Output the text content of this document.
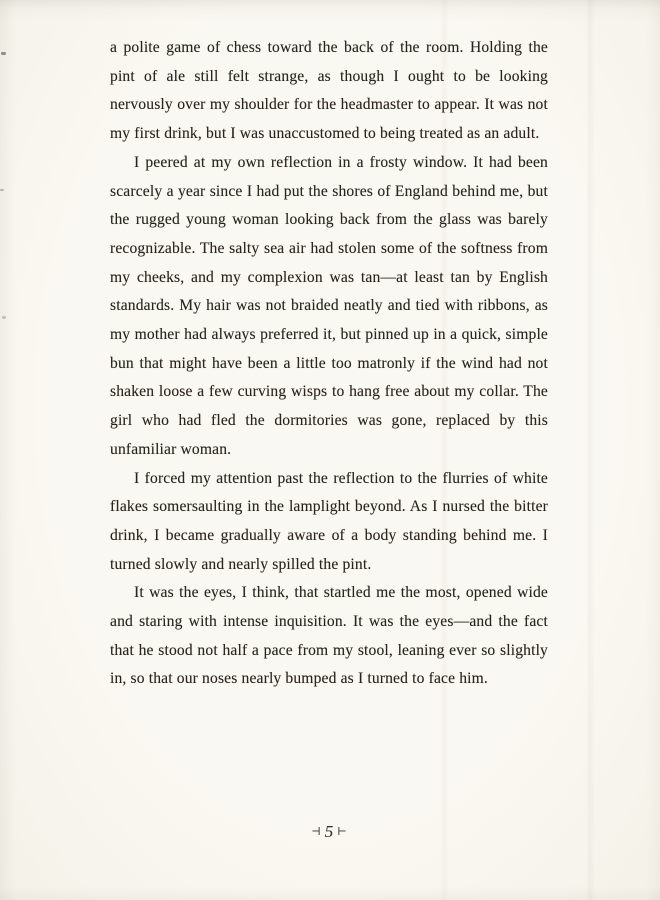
a polite game of chess toward the back of the room. Holding the pint of ale still felt strange, as though I ought to be looking nervously over my shoulder for the headmaster to appear. It was not my first drink, but I was unaccustomed to being treated as an adult.

I peered at my own reflection in a frosty window. It had been scarcely a year since I had put the shores of England behind me, but the rugged young woman looking back from the glass was barely recognizable. The salty sea air had stolen some of the softness from my cheeks, and my complexion was tan—at least tan by English standards. My hair was not braided neatly and tied with ribbons, as my mother had always preferred it, but pinned up in a quick, simple bun that might have been a little too matronly if the wind had not shaken loose a few curving wisps to hang free about my collar. The girl who had fled the dormitories was gone, replaced by this unfamiliar woman.

I forced my attention past the reflection to the flurries of white flakes somersaulting in the lamplight beyond. As I nursed the bitter drink, I became gradually aware of a body standing behind me. I turned slowly and nearly spilled the pint.

It was the eyes, I think, that startled me the most, opened wide and staring with intense inquisition. It was the eyes—and the fact that he stood not half a pace from my stool, leaning ever so slightly in, so that our noses nearly bumped as I turned to face him.

⊣ 5 ⊢
